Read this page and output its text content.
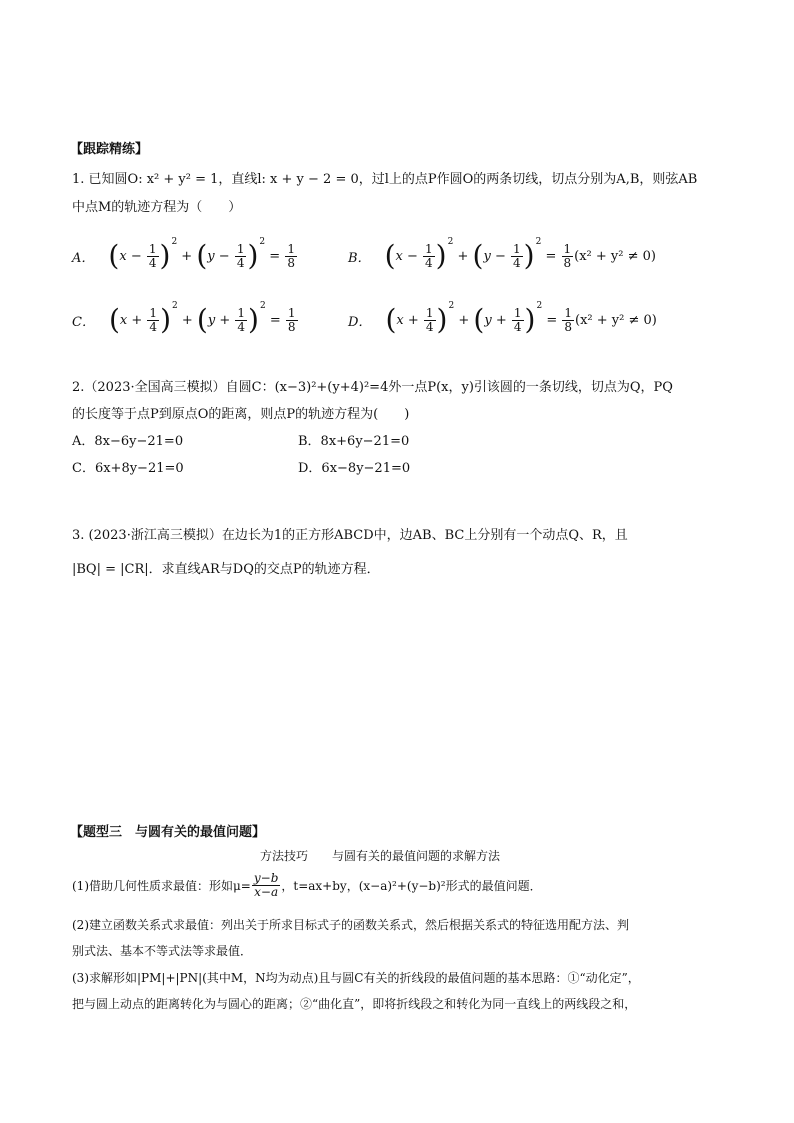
【跟踪精练】
1. 已知圆O: x² + y² = 1，直线l: x + y − 2 = 0，过l上的点P作圆O的两条切线，切点分别为A,B，则弦AB
中点M的轨迹方程为（　　）
A． ( x
−
$\frac{1}{4}$ ) 2
+ ( y
−
$\frac{1}{4}$ ) 2

=
$\frac{1}{8}$	B． ( x
−
$\frac{1}{4}$ ) 2
+ ( y
−
$\frac{1}{4}$ ) 2

=
$\frac{1}{8} (x^2 + y^2 \ne 0)$
C． ( x
+
$\frac{1}{4}$ ) 2
+ ( y
+
$\frac{1}{4}$ ) 2

=
$\frac{1}{8}$	D． ( x
+
$\frac{1}{4}$ ) 2
+ ( y
+
$\frac{1}{4}$ ) 2

=
$\frac{1}{8} (x^2 + y^2 \ne 0)$
2.（2023·全国高三模拟）自圆C：(x−3)²+(y+4)²=4外一点P(x，y)引该圆的一条切线，切点为Q，PQ
的长度等于点P到原点O的距离，则点P的轨迹方程为(　　)
A．8x−6y−21=0	B．8x+6y−21=0
C．6x+8y−21=0	D．6x−8y−21=0
3. (2023·浙江高三模拟）在边长为1的正方形ABCD中，边AB、BC上分别有一个动点Q、R，且
|BQ| = |CR|．求直线AR与DQ的交点P的轨迹方程．
【题型三　与圆有关的最值问题】
方法技巧　　与圆有关的最值问题的求解方法
(1)借助几何性质求最值：形如$\mu= \frac{y-b}{x-a}$ ，t=ax+by，(x−a)²+(y−b)²形式的最值问题．
(2)建立函数关系式求最值：列出关于所求目标式子的函数关系式，然后根据关系式的特征选用配方法、判
别式法、基本不等式法等求最值．
(3)求解形如|PM|+|PN|(其中M，N均为动点)且与圆C有关的折线段的最值问题的基本思路：①“动化定”，
把与圆上动点的距离转化为与圆心的距离；②“曲化直”，即将折线段之和转化为同一直线上的两线段之和，
